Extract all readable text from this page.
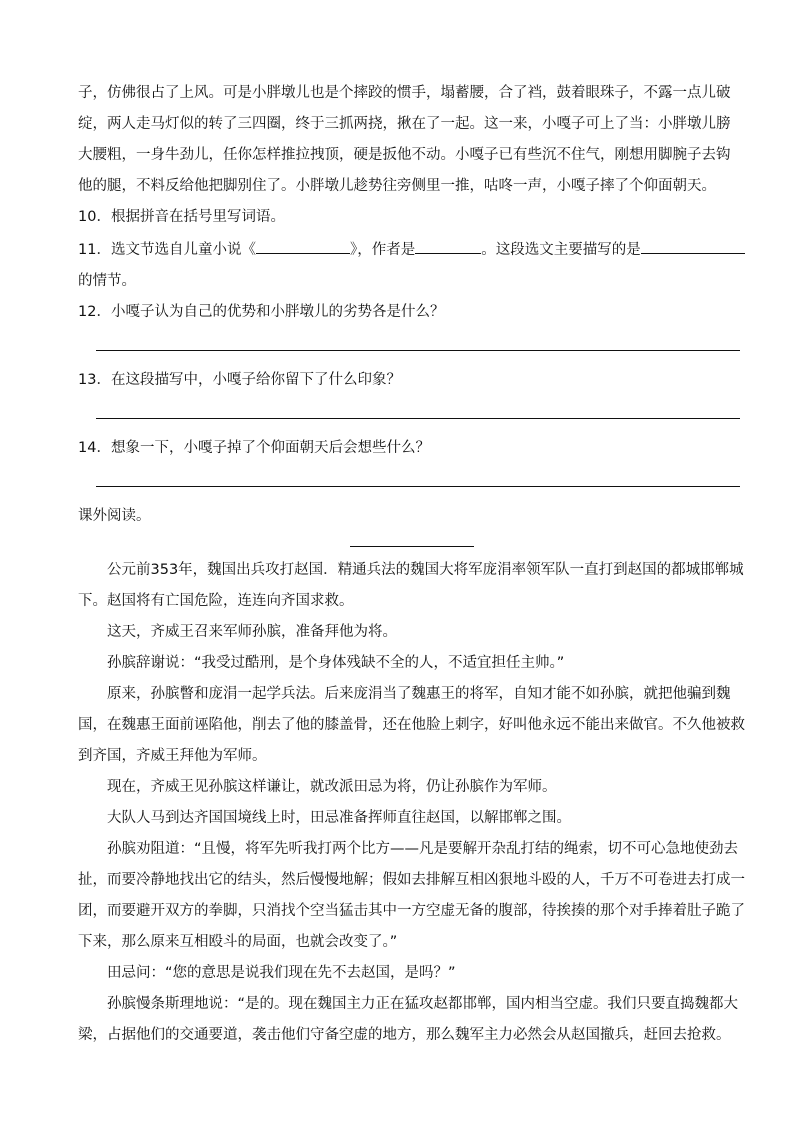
子，仿佛很占了上风。可是小胖墩儿也是个摔跤的惯手，塌蓄腰，合了裆，鼓着眼珠子，不露一点儿破

绽，两人走马灯似的转了三四圈，终于三抓两挠，揪在了一起。这一来，小嘎子可上了当：小胖墩儿膀

大腰粗，一身牛劲儿，任你怎样推拉拽顶，硬是扳他不动。小嘎子已有些沉不住气，刚想用脚腕子去钩

他的腿，不料反给他把脚别住了。小胖墩儿趁势往旁侧里一推，咕咚一声，小嘎子摔了个仰面朝天。

10．根据拼音在括号里写词语。

11．选文节选自儿童小说《	》，作者是	。这段选文主要描写的是
的情节。

12．小嘎子认为自己的优势和小胖墩儿的劣势各是什么？

13．在这段描写中，小嘎子给你留下了什么印象？

14．想象一下，小嘎子掉了个仰面朝天后会想些什么？

课外阅读。

公元前353年，魏国出兵攻打赵国．精通兵法的魏国大将军庞涓率领军队一直打到赵国的都城邯郸城下。赵国将有亡国危险，连连向齐国求救。

这天，齐威王召来军师孙膑，准备拜他为将。

孙膑辞谢说：“我受过酷刑，是个身体残缺不全的人，不适宜担任主帅。”

原来，孙膑瞥和庞涓一起学兵法。后来庞涓当了魏惠王的将军，自知才能不如孙膑，就把他骗到魏国，在魏惠王面前诬陷他，削去了他的膝盖骨，还在他脸上刺字，好叫他永远不能出来做官。不久他被救到齐国，齐威王拜他为军师。

现在，齐威王见孙膑这样谦让，就改派田忌为将，仍让孙膑作为军师。

大队人马到达齐国国境线上时，田忌准备挥师直往赵国，以解邯郸之围。

孙膑劝阻道：“且慢，将军先听我打两个比方——凡是要解开杂乱打结的绳索，切不可心急地使劲去扯，而要冷静地找出它的结头，然后慢慢地解；假如去排解互相凶狠地斗殴的人，千万不可卷进去打成一团，而要避开双方的拳脚，只消找个空当猛击其中一方空虚无备的腹部，待挨揍的那个对手捧着肚子跪了下来，那么原来互相殴斗的局面，也就会改变了。”

田忌问：“您的意思是说我们现在先不去赵国，是吗？”

孙膑慢条斯理地说：“是的。现在魏国主力正在猛攻赵都邯郸，国内相当空虚。我们只要直捣魏都大梁，占据他们的交通要道，袭击他们守备空虚的地方，那么魏军主力必然会从赵国撤兵，赶回去抢救。
